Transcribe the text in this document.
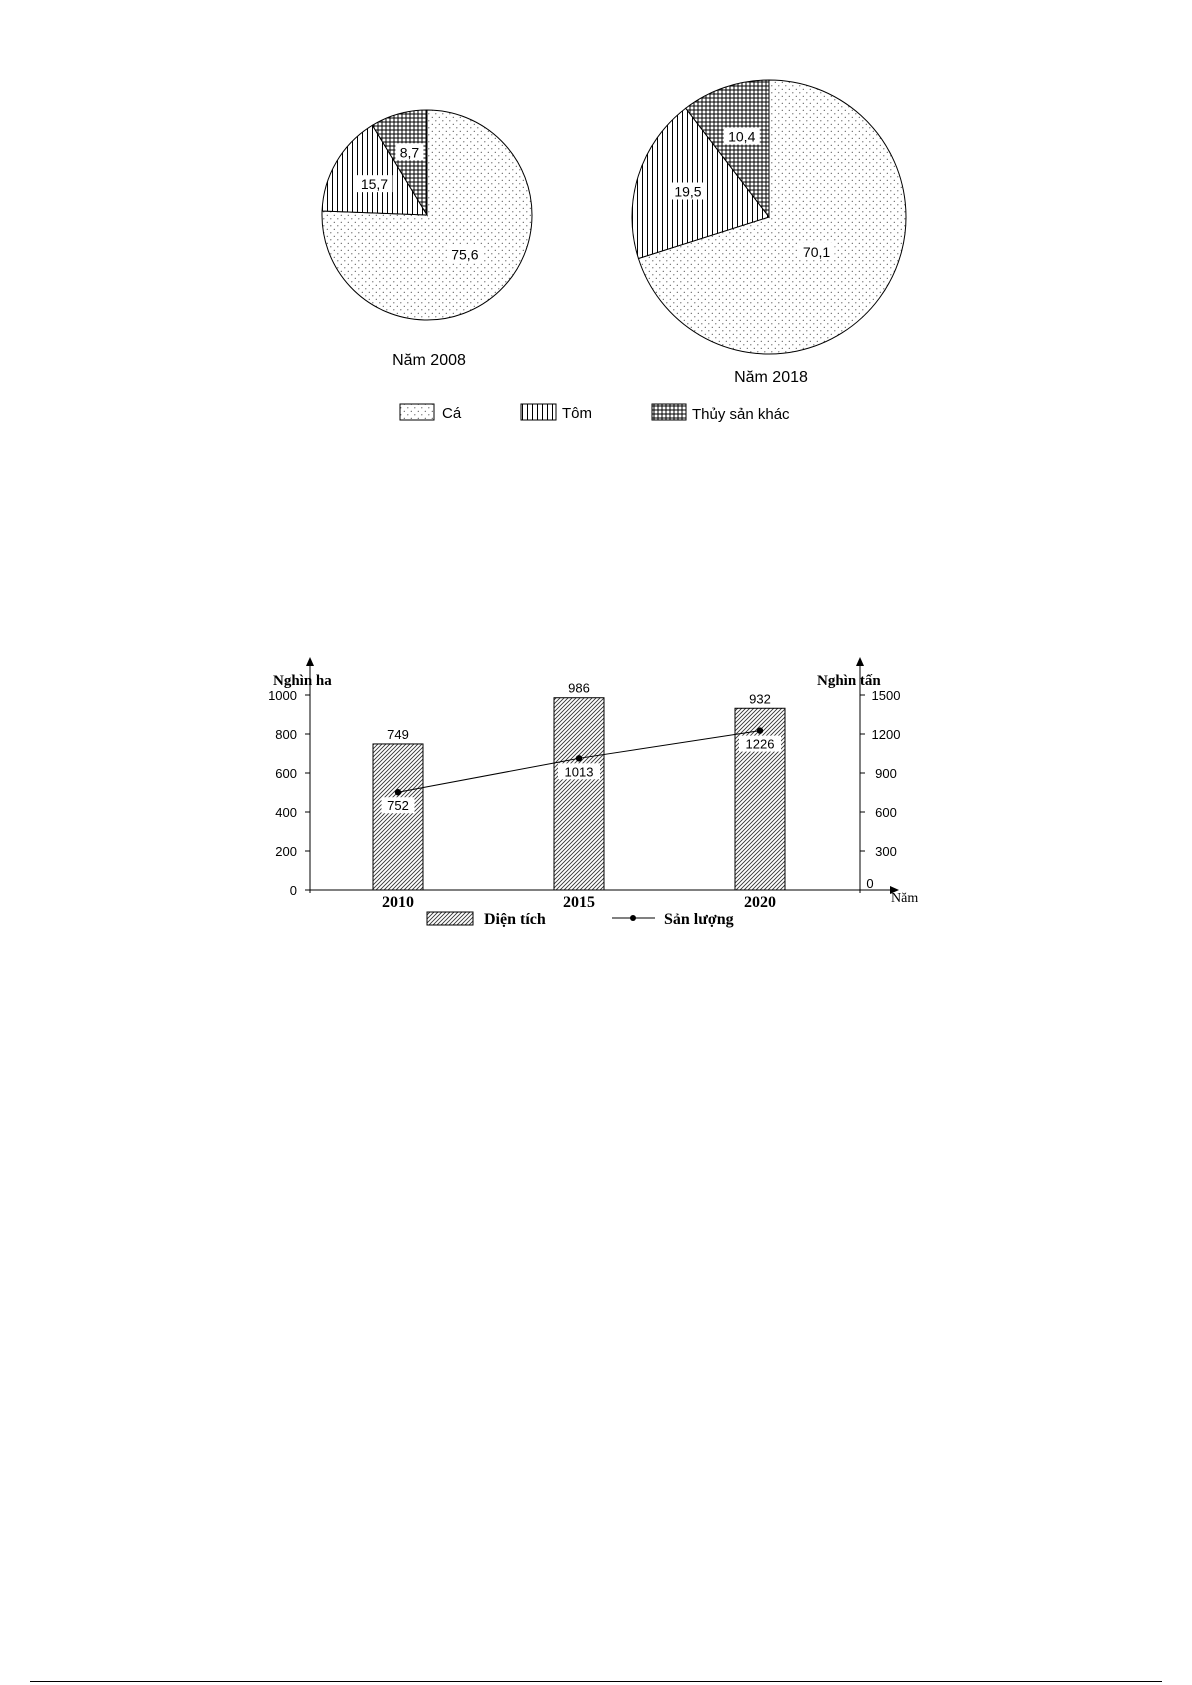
75,6
15,7
8,7
Năm 2008
70,1
19,5
10,4
Năm 2018
Cá	Tôm	Thủy sản khác
Nghìn ha	Nghìn tấn
Năm
0
200
400
600
800
1000
0
300
600
900
1200
1500
749
986
932
752
1013
1226
2010	2015	2020
Diện tích	Sản lượng
